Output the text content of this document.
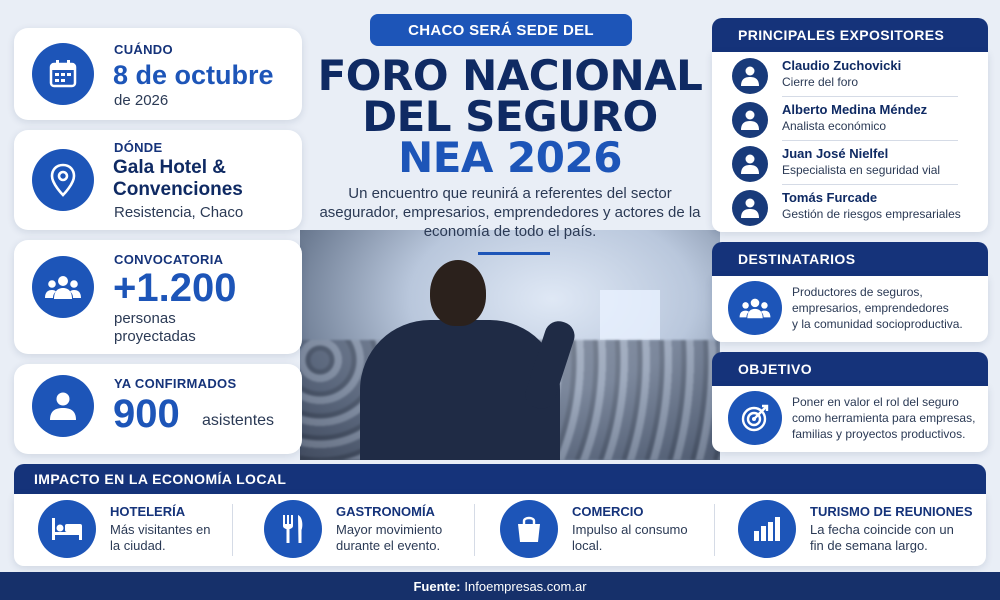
CUÁNDO
8 de octubre
de 2026
DÓNDE
Gala Hotel &
Convenciones
Resistencia, Chaco
CONVOCATORIA
+1.200
personas
proyectadas
YA CONFIRMADOS
900 asistentes
CHACO SERÁ SEDE DEL
FORO NACIONAL
DEL SEGURO
NEA 2026
Un encuentro que reunirá a referentes del sector asegurador, empresarios, emprendedores y actores de la economía de todo el país.
PRINCIPALES EXPOSITORES
Claudio Zuchovicki
Cierre del foro
Alberto Medina Méndez
Analista económico
Juan José Nielfel
Especialista en seguridad vial
Tomás Furcade
Gestión de riesgos empresariales
DESTINATARIOS
Productores de seguros,
empresarios, emprendedores
y la comunidad socioproductiva.
OBJETIVO
Poner en valor el rol del seguro
como herramienta para empresas,
familias y proyectos productivos.
IMPACTO EN LA ECONOMÍA LOCAL
HOTELERÍA
Más visitantes en la ciudad.
GASTRONOMÍA
Mayor movimiento durante el evento.
COMERCIO
Impulso al consumo local.
TURISMO DE REUNIONES
La fecha coincide con un fin de semana largo.
Fuente: Infoempresas.com.ar
